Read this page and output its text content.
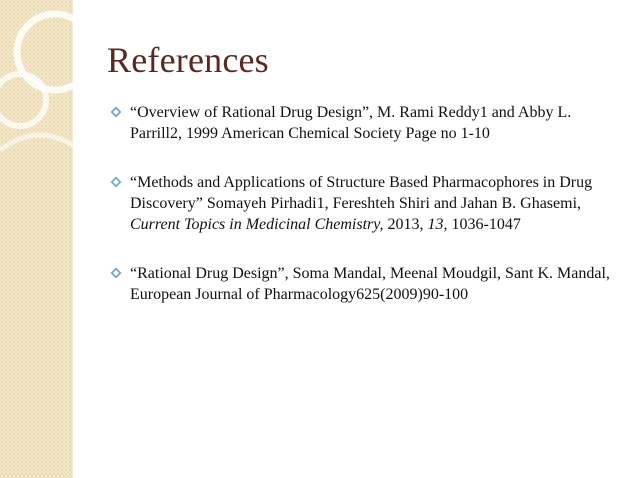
References
“Overview of Rational Drug Design”, M. Rami Reddy1 and Abby L. Parrill2, 1999 American Chemical Society Page no 1-10
“Methods and Applications of Structure Based Pharmacophores in Drug Discovery” Somayeh Pirhadi1, Fereshteh Shiri and Jahan B. Ghasemi, Current Topics in Medicinal Chemistry, 2013, 13, 1036-1047
“Rational Drug Design”, Soma Mandal, Meenal Moudgil, Sant K. Mandal, European Journal of Pharmacology625(2009)90-100
